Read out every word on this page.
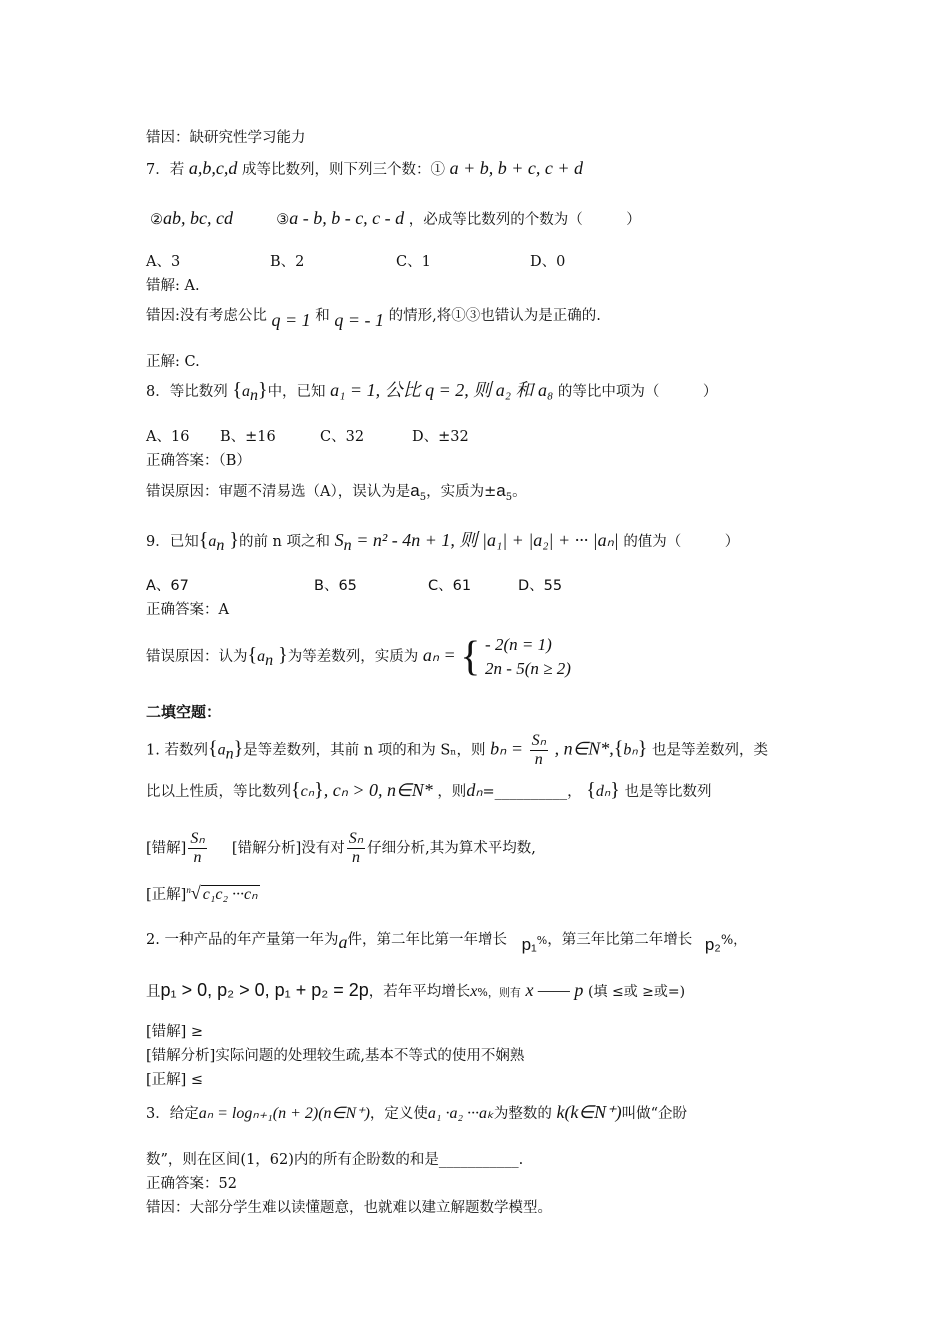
错因：缺研究性学习能力
7．若 a,b,c,d 成等比数列，则下列三个数：① a + b, b + c, c + d
②ab, bc, cd	③a - b, b - c, c - d ，必成等比数列的个数为（　　　）
A、3	B、2	C、1	D、0
错解: A.
错因:没有考虑公比 q = 1 和 q = - 1 的情形,将①③也错认为是正确的.
正解: C.
8．等比数列 $\{a_n\}$中，已知 a₁ = 1, 公比 q = 2, 则 a₂ 和 a₈ 的等比中项为（　　　）
A、16 B、±16	C、32	D、±32
正确答案：（B）
错误原因：审题不清易选（A），误认为是$a_5$，实质为$\pm a_5$。
9．已知{$a_n$ }的前 n 项之和 $S_n = n^2 - 4n + 1$, 则 |a₁| + |a₂| + ··· |aₙ| 的值为（　　　）
A、67	B、65	C、61	D、55
正确答案：A
错误原因：认为{$a_n$ }为等差数列，实质为 aₙ = { - 2(n = 1)
2n - 5(n ≥ 2)
二填空题：
1. 若数列$\{a_n\}$是等差数列，其前 n 项的和为 Sₙ，则 $b_n = \frac{\text{Sₙ}}{n}$ , n∈N*,{bₙ} 也是等差数列，类
比以上性质，等比数列{cₙ}, cₙ > 0, n∈N* ，则dₙ=__________， {dₙ} 也是等比数列
[错解] $\frac{\text{Sₙ}}{n}$ [错解分析]没有对 $\frac{\text{Sₙ}}{n}$ 仔细分析,其为算术平均数,
[正解]$^n$√ c₁c₂ ···cₙ
2. 一种产品的年产量第一年为a件，第二年比第一年增长 p₁%，第三年比第二年增长 p₂%，
且p₁ > 0, p₂ > 0, p₁ + p₂ = 2p，若年平均增长x%，则有 x —— p (填 ≤或 ≥或=)
[错解] ≥
[错解分析]实际问题的处理较生疏,基本不等式的使用不娴熟
[正解] ≤
3．给定aₙ = logₙ₊₁(n + 2)(n∈N⁺)，定义使a₁ ·a₂ ···aₖ为整数的 k(k∈N⁺)叫做“企盼
数”，则在区间(1，62)内的所有企盼数的和是___________.
正确答案：52
错因：大部分学生难以读懂题意，也就难以建立解题数学模型。
